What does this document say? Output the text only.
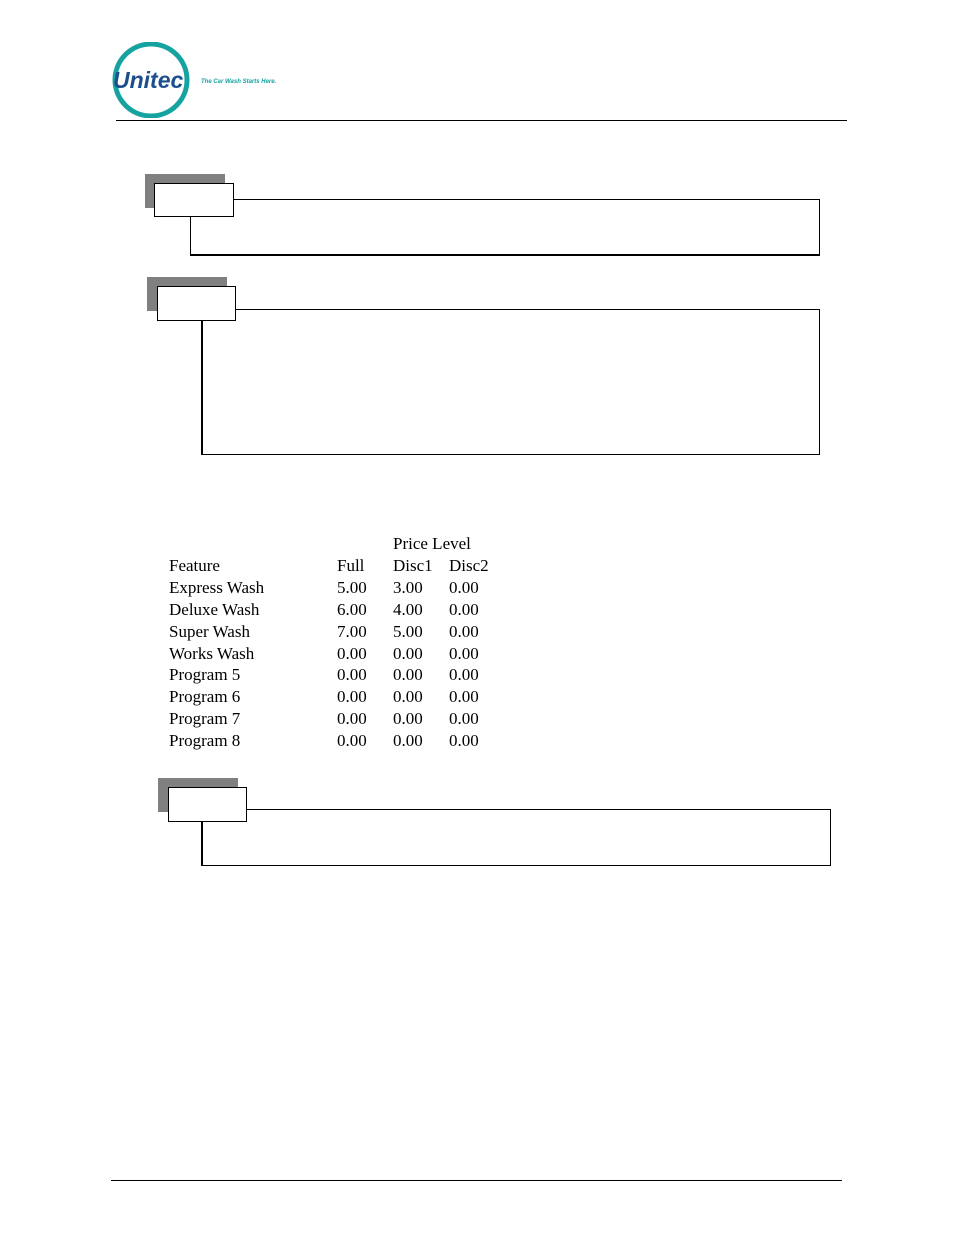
Unitec	The Car Wash Starts Here.
Price Level
Feature	Full Disc1 Disc2
Express Wash	5.00 3.00 0.00
Deluxe Wash	6.00 4.00 0.00
Super Wash	7.00 5.00 0.00
Works Wash	0.00 0.00 0.00
Program 5	0.00 0.00 0.00
Program 6	0.00 0.00 0.00
Program 7	0.00 0.00 0.00
Program 8	0.00 0.00 0.00
